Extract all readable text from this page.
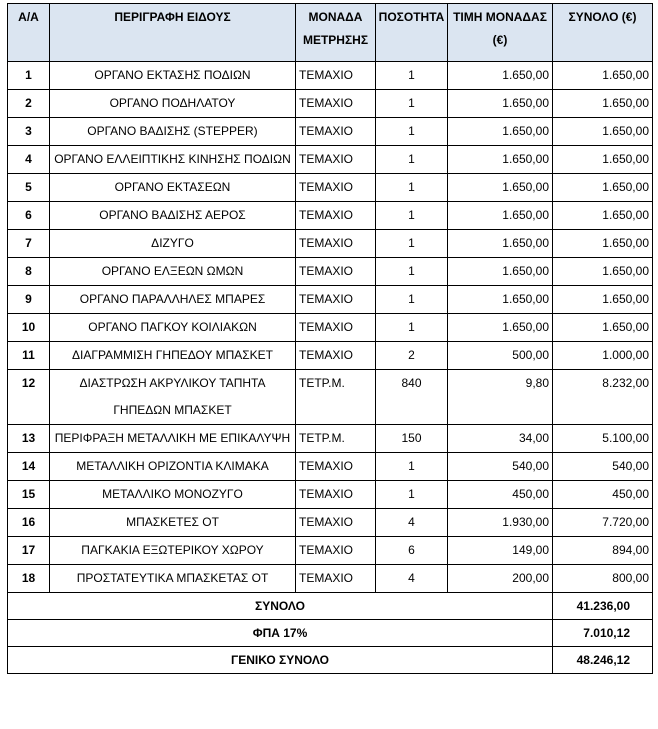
Α/Α	ΠΕΡΙΓΡΑΦΗ ΕΙΔΟΥΣ	ΜΟΝΑΔΑ ΜΕΤΡΗΣΗΣ	ΠΟΣΟΤΗΤΑ	ΤΙΜΗ ΜΟΝΑΔΑΣ (€)	ΣΥΝΟΛΟ (€)
1	ΟΡΓΑΝΟ ΕΚΤΑΣΗΣ ΠΟΔΙΩΝ	ΤΕΜΑΧΙΟ	1	1.650,00	1.650,00
2	ΟΡΓΑΝΟ ΠΟΔΗΛΑΤΟΥ	ΤΕΜΑΧΙΟ	1	1.650,00	1.650,00
3	ΟΡΓΑΝΟ ΒΑΔΙΣΗΣ (STEPPER)	ΤΕΜΑΧΙΟ	1	1.650,00	1.650,00
4	ΟΡΓΑΝΟ ΕΛΛΕΙΠΤΙΚΗΣ ΚΙΝΗΣΗΣ ΠΟΔΙΩΝ	ΤΕΜΑΧΙΟ	1	1.650,00	1.650,00
5	ΟΡΓΑΝΟ ΕΚΤΑΣΕΩΝ	ΤΕΜΑΧΙΟ	1	1.650,00	1.650,00
6	ΟΡΓΑΝΟ ΒΑΔΙΣΗΣ ΑΕΡΟΣ	ΤΕΜΑΧΙΟ	1	1.650,00	1.650,00
7	ΔΙΖΥΓΟ	ΤΕΜΑΧΙΟ	1	1.650,00	1.650,00
8	ΟΡΓΑΝΟ ΕΛΞΕΩΝ ΩΜΩΝ	ΤΕΜΑΧΙΟ	1	1.650,00	1.650,00
9	ΟΡΓΑΝΟ ΠΑΡΑΛΛΗΛΕΣ ΜΠΑΡΕΣ	ΤΕΜΑΧΙΟ	1	1.650,00	1.650,00
10	ΟΡΓΑΝΟ ΠΑΓΚΟΥ ΚΟΙΛΙΑΚΩΝ	ΤΕΜΑΧΙΟ	1	1.650,00	1.650,00
11	ΔΙΑΓΡΑΜΜΙΣΗ ΓΗΠΕΔΟΥ ΜΠΑΣΚΕΤ	ΤΕΜΑΧΙΟ	2	500,00	1.000,00
12	ΔΙΑΣΤΡΩΣΗ ΑΚΡΥΛΙΚΟΥ ΤΑΠΗΤΑ ΓΗΠΕΔΩΝ ΜΠΑΣΚΕΤ	ΤΕΤΡ.Μ.	840	9,80	8.232,00
13	ΠΕΡΙΦΡΑΞΗ ΜΕΤΑΛΛΙΚΗ ΜΕ ΕΠΙΚΑΛΥΨΗ	ΤΕΤΡ.Μ.	150	34,00	5.100,00
14	ΜΕΤΑΛΛΙΚΗ ΟΡΙΖΟΝΤΙΑ ΚΛΙΜΑΚΑ	ΤΕΜΑΧΙΟ	1	540,00	540,00
15	ΜΕΤΑΛΛΙΚΟ ΜΟΝΟΖΥΓΟ	ΤΕΜΑΧΙΟ	1	450,00	450,00
16	ΜΠΑΣΚΕΤΕΣ ΟΤ	ΤΕΜΑΧΙΟ	4	1.930,00	7.720,00
17	ΠΑΓΚΑΚΙΑ ΕΞΩΤΕΡΙΚΟΥ ΧΩΡΟΥ	ΤΕΜΑΧΙΟ	6	149,00	894,00
18	ΠΡΟΣΤΑΤΕΥΤΙΚΑ ΜΠΑΣΚΕΤΑΣ ΟΤ	ΤΕΜΑΧΙΟ	4	200,00	800,00
ΣΥΝΟΛΟ					41.236,00
ΦΠΑ 17%					7.010,12
ΓΕΝΙΚΟ ΣΥΝΟΛΟ					48.246,12
